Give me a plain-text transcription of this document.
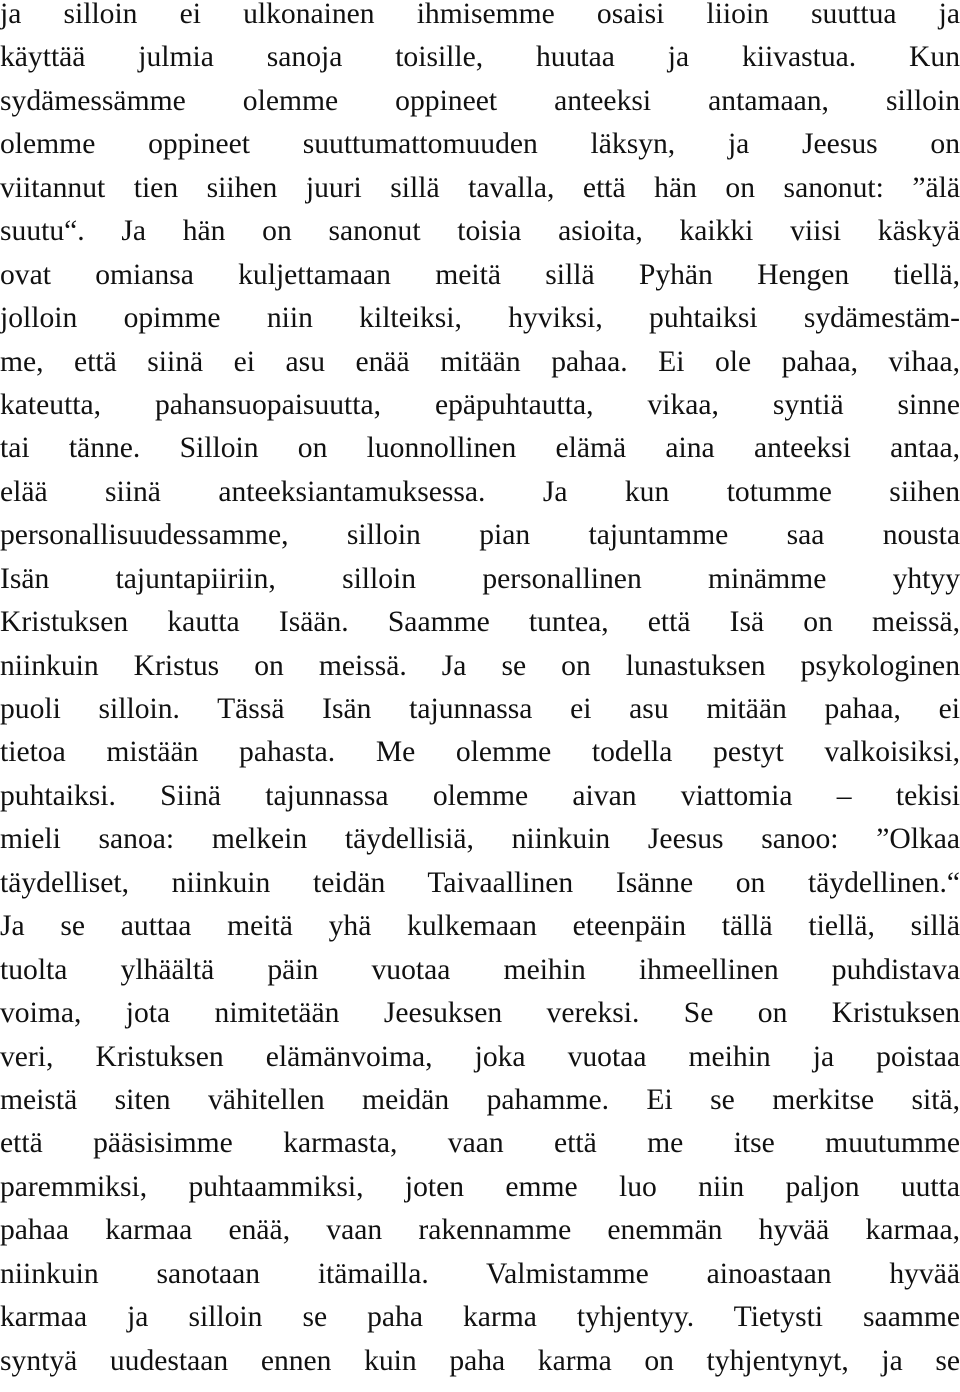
ja silloin ei ulkonainen ihmisemme osaisi liioin suuttua ja
käyttää julmia sanoja toisille, huutaa ja kiivastua. Kun
sydämessämme olemme oppineet anteeksi antamaan, silloin
olemme oppineet suuttumattomuuden läksyn, ja Jeesus on
viitannut tien siihen juuri sillä tavalla, että hän on sanonut: ”älä
suutu“. Ja hän on sanonut toisia asioita, kaikki viisi käskyä
ovat omiansa kuljettamaan meitä sillä Pyhän Hengen tiellä,
jolloin opimme niin kilteiksi, hyviksi, puhtaiksi sydämestäm-
me, että siinä ei asu enää mitään pahaa. Ei ole pahaa, vihaa,
kateutta, pahansuopaisuutta, epäpuhtautta, vikaa, syntiä sinne
tai tänne. Silloin on luonnollinen elämä aina anteeksi antaa,
elää siinä anteeksiantamuksessa. Ja kun totumme siihen
personallisuudessamme, silloin pian tajuntamme saa nousta
Isän tajuntapiiriin, silloin personallinen minämme yhtyy
Kristuksen kautta Isään. Saamme tuntea, että Isä on meissä,
niinkuin Kristus on meissä. Ja se on lunastuksen psykologinen
puoli silloin. Tässä Isän tajunnassa ei asu mitään pahaa, ei
tietoa mistään pahasta. Me olemme todella pestyt valkoisiksi,
puhtaiksi. Siinä tajunnassa olemme aivan viattomia – tekisi
mieli sanoa: melkein täydellisiä, niinkuin Jeesus sanoo: ”Olkaa
täydelliset, niinkuin teidän Taivaallinen Isänne on täydellinen.“
Ja se auttaa meitä yhä kulkemaan eteenpäin tällä tiellä, sillä
tuolta ylhäältä päin vuotaa meihin ihmeellinen puhdistava
voima, jota nimitetään Jeesuksen vereksi. Se on Kristuksen
veri, Kristuksen elämänvoima, joka vuotaa meihin ja poistaa
meistä siten vähitellen meidän pahamme. Ei se merkitse sitä,
että pääsisimme karmasta, vaan että me itse muutumme
paremmiksi, puhtaammiksi, joten emme luo niin paljon uutta
pahaa karmaa enää, vaan rakennamme enemmän hyvää karmaa,
niinkuin sanotaan itämailla. Valmistamme ainoastaan hyvää
karmaa ja silloin se paha karma tyhjentyy. Tietysti saamme
syntyä uudestaan ennen kuin paha karma on tyhjentynyt, ja se
